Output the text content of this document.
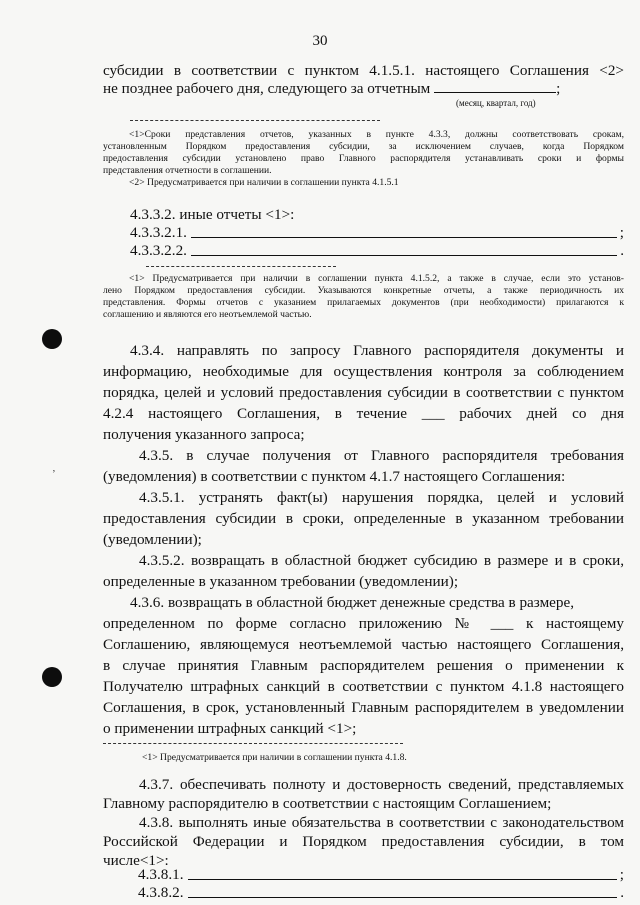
30
субсидии в соответствии с пунктом 4.1.5.1. настоящего Соглашения <2>
не позднее рабочего дня, следующего за отчетным	;
(месяц, квартал, год)
<1>Сроки представления отчетов, указанных в пункте 4.3.3, должны соответствовать срокам,
установленным Порядком предоставления субсидии, за исключением случаев, когда Порядком
предоставления субсидии установлено право Главного распорядителя устанавливать сроки и формы
представления отчетности в соглашении.
<2> Предусматривается при наличии в соглашении пункта 4.1.5.1
4.3.3.2. иные отчеты <1>:
4.3.3.2.1.	;
4.3.3.2.2.	.
<1> Предусматривается при наличии в соглашении пункта 4.1.5.2, а также в случае, если это установ-
лено Порядком предоставления субсидии. Указываются конкретные отчеты, а также периодичность их
представления. Формы отчетов с указанием прилагаемых документов (при необходимости) прилагаются к
соглашению и являются его неотъемлемой частью.
’
4.3.4. направлять по запросу Главного распорядителя документы и
информацию, необходимые для осуществления контроля за соблюдением
порядка, целей и условий предоставления субсидии в соответствии с пунктом
4.2.4 настоящего Соглашения, в течение ___ рабочих дней со дня
получения указанного запроса;
4.3.5. в случае получения от Главного распорядителя требования
(уведомления) в соответствии с пунктом 4.1.7 настоящего Соглашения:
4.3.5.1. устранять факт(ы) нарушения порядка, целей и условий
предоставления субсидии в сроки, определенные в указанном требовании
(уведомлении);
4.3.5.2. возвращать в областной бюджет субсидию в размере и в сроки,
определенные в указанном требовании (уведомлении);
4.3.6. возвращать в областной бюджет денежные средства в размере,
определенном по форме согласно приложению № ___ к настоящему
Соглашению, являющемуся неотъемлемой частью настоящего Соглашения,
в случае принятия Главным распорядителем решения о применении к
Получателю штрафных санкций в соответствии с пунктом 4.1.8 настоящего
Соглашения, в срок, установленный Главным распорядителем в уведомлении
о применении штрафных санкций <1>;
<1> Предусматривается при наличии в соглашении пункта 4.1.8.
4.3.7. обеспечивать полноту и достоверность сведений, представляемых
Главному распорядителю в соответствии с настоящим Соглашением;
4.3.8. выполнять иные обязательства в соответствии с законодательством
Российской Федерации и Порядком предоставления субсидии, в том
числе<1>:
4.3.8.1.	;
4.3.8.2.	.
